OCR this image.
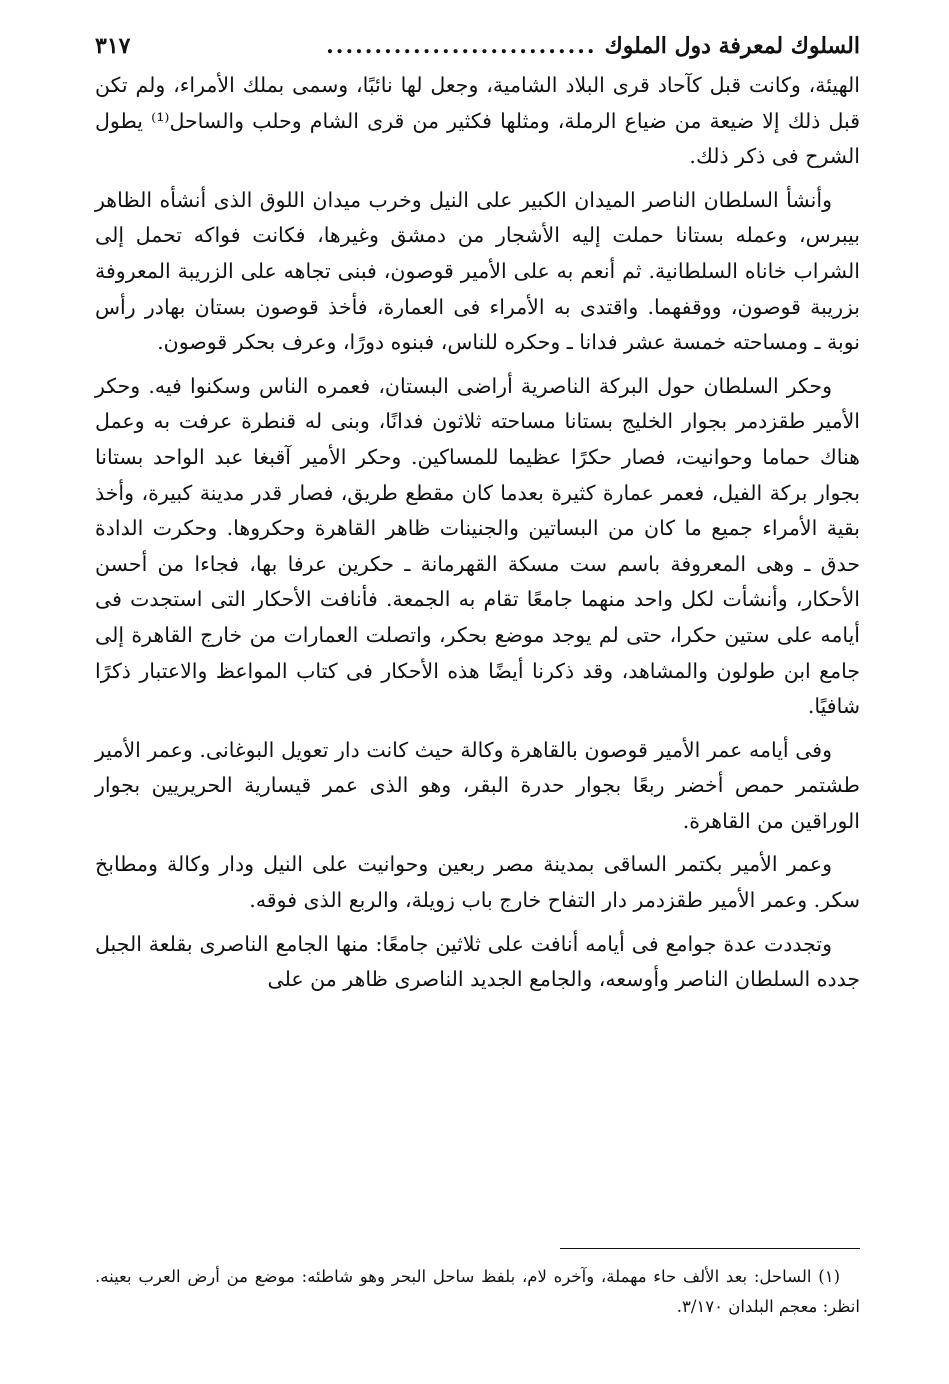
السلوك لمعرفة دول الملوك
............................
٣١٧

الهيئة، وكانت قبل كآحاد قرى البلاد الشامية، وجعل لها نائبًا، وسمى بملك الأمراء، ولم تكن قبل ذلك إلا ضيعة من ضياع الرملة، ومثلها فكثير من قرى الشام وحلب والساحل⁽¹⁾ يطول الشرح فى ذكر ذلك.

وأنشأ السلطان الناصر الميدان الكبير على النيل وخرب ميدان اللوق الذى أنشأه الظاهر بيبرس، وعمله بستانا حملت إليه الأشجار من دمشق وغيرها، فكانت فواكه تحمل إلى الشراب خاناه السلطانية. ثم أنعم به على الأمير قوصون، فبنى تجاهه على الزريبة المعروفة بزريبة قوصون، ووقفهما. واقتدى به الأمراء فى العمارة، فأخذ قوصون بستان بهادر رأس نوبة ـ ومساحته خمسة عشر فدانا ـ وحكره للناس، فبنوه دورًا، وعرف بحكر قوصون.

وحكر السلطان حول البركة الناصرية أراضى البستان، فعمره الناس وسكنوا فيه. وحكر الأمير طقزدمر بجوار الخليج بستانا مساحته ثلاثون فدانًا، وبنى له قنطرة عرفت به وعمل هناك حماما وحوانيت، فصار حكرًا عظيما للمساكين. وحكر الأمير آقبغا عبد الواحد بستانا بجوار بركة الفيل، فعمر عمارة كثيرة بعدما كان مقطع طريق، فصار قدر مدينة كبيرة، وأخذ بقية الأمراء جميع ما كان من البساتين والجنينات ظاهر القاهرة وحكروها. وحكرت الدادة حدق ـ وهى المعروفة باسم ست مسكة القهرمانة ـ حكرين عرفا بها، فجاءا من أحسن الأحكار، وأنشأت لكل واحد منهما جامعًا تقام به الجمعة. فأنافت الأحكار التى استجدت فى أيامه على ستين حكرا، حتى لم يوجد موضع بحكر، واتصلت العمارات من خارج القاهرة إلى جامع ابن طولون والمشاهد، وقد ذكرنا أيضًا هذه الأحكار فى كتاب المواعظ والاعتبار ذكرًا شافيًا.

وفى أيامه عمر الأمير قوصون بالقاهرة وكالة حيث كانت دار تعويل البوغانى. وعمر الأمير طشتمر حمص أخضر ربعًا بجوار حدرة البقر، وهو الذى عمر قيسارية الحريريين بجوار الوراقين من القاهرة.

وعمر الأمير بكتمر الساقى بمدينة مصر ربعين وحوانيت على النيل ودار وكالة ومطابخ سكر. وعمر الأمير طقزدمر دار التفاح خارج باب زويلة، والربع الذى فوقه.

وتجددت عدة جوامع فى أيامه أنافت على ثلاثين جامعًا: منها الجامع الناصرى بقلعة الجبل جدده السلطان الناصر وأوسعه، والجامع الجديد الناصرى ظاهر من على

(١) الساحل: بعد الألف حاء مهملة، وآخره لام، بلفظ ساحل البحر وهو شاطئه: موضع من أرض العرب بعينه. انظر: معجم البلدان ٣/١٧٠.
